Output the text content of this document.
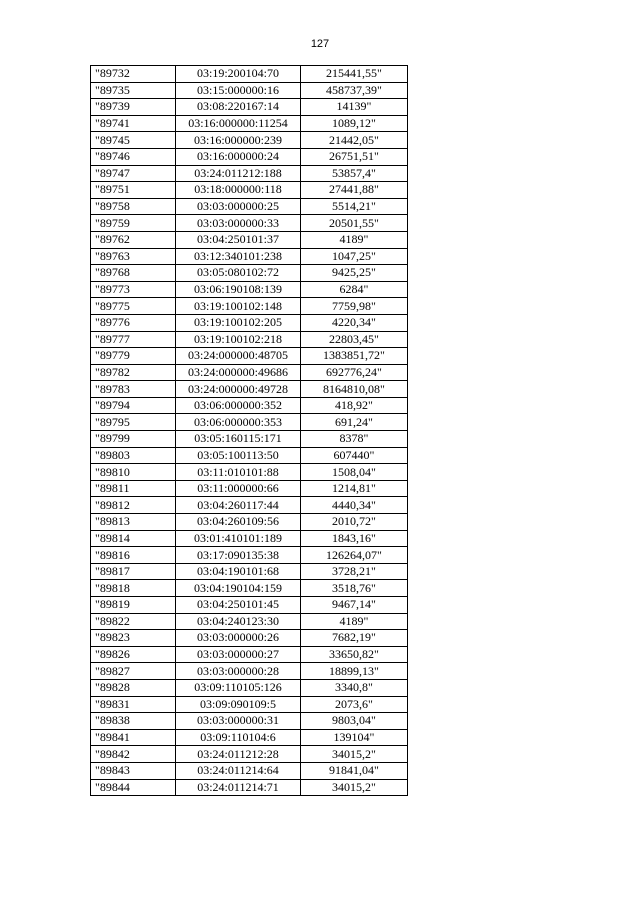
127
"89732	03:19:200104:70	215441,55"
"89735	03:15:000000:16	458737,39"
"89739	03:08:220167:14	14139"
"89741	03:16:000000:11254	1089,12"
"89745	03:16:000000:239	21442,05"
"89746	03:16:000000:24	26751,51"
"89747	03:24:011212:188	53857,4"
"89751	03:18:000000:118	27441,88"
"89758	03:03:000000:25	5514,21"
"89759	03:03:000000:33	20501,55"
"89762	03:04:250101:37	4189"
"89763	03:12:340101:238	1047,25"
"89768	03:05:080102:72	9425,25"
"89773	03:06:190108:139	6284"
"89775	03:19:100102:148	7759,98"
"89776	03:19:100102:205	4220,34"
"89777	03:19:100102:218	22803,45"
"89779	03:24:000000:48705	1383851,72"
"89782	03:24:000000:49686	692776,24"
"89783	03:24:000000:49728	8164810,08"
"89794	03:06:000000:352	418,92"
"89795	03:06:000000:353	691,24"
"89799	03:05:160115:171	8378"
"89803	03:05:100113:50	607440"
"89810	03:11:010101:88	1508,04"
"89811	03:11:000000:66	1214,81"
"89812	03:04:260117:44	4440,34"
"89813	03:04:260109:56	2010,72"
"89814	03:01:410101:189	1843,16"
"89816	03:17:090135:38	126264,07"
"89817	03:04:190101:68	3728,21"
"89818	03:04:190104:159	3518,76"
"89819	03:04:250101:45	9467,14"
"89822	03:04:240123:30	4189"
"89823	03:03:000000:26	7682,19"
"89826	03:03:000000:27	33650,82"
"89827	03:03:000000:28	18899,13"
"89828	03:09:110105:126	3340,8"
"89831	03:09:090109:5	2073,6"
"89838	03:03:000000:31	9803,04"
"89841	03:09:110104:6	139104"
"89842	03:24:011212:28	34015,2"
"89843	03:24:011214:64	91841,04"
"89844	03:24:011214:71	34015,2"
